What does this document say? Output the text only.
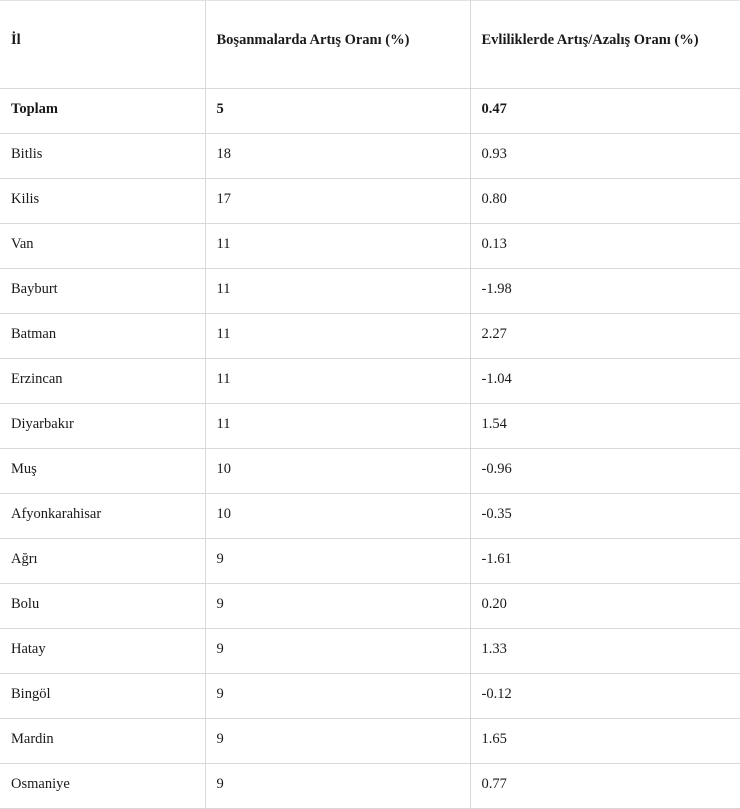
İl	Boşanmalarda Artış Oranı (%)	Evliliklerde Artış/Azalış Oranı (%)
Toplam	5	0.47
Bitlis	18	0.93
Kilis	17	0.80
Van	11	0.13
Bayburt	11	-1.98
Batman	11	2.27
Erzincan	11	-1.04
Diyarbakır	11	1.54
Muş	10	-0.96
Afyonkarahisar	10	-0.35
Ağrı	9	-1.61
Bolu	9	0.20
Hatay	9	1.33
Bingöl	9	-0.12
Mardin	9	1.65
Osmaniye	9	0.77
